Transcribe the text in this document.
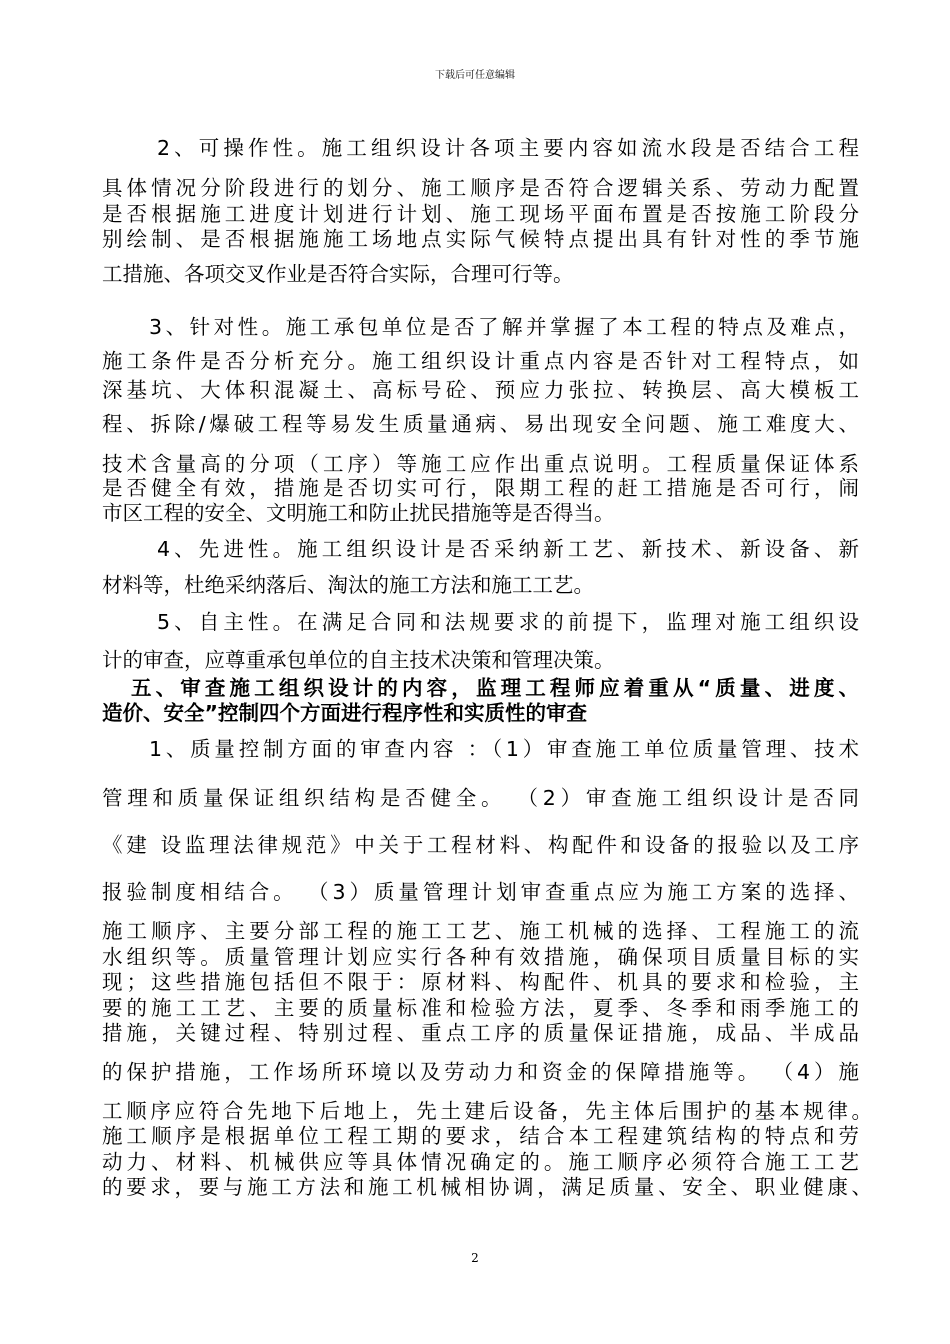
下载后可任意编辑
2、可操作性。施工组织设计各项主要内容如流水段是否结合工程
具体情况分阶段进行的划分、施工顺序是否符合逻辑关系、劳动力配置
是否根据施工进度计划进行计划、施工现场平面布置是否按施工阶段分
别绘制、是否根据施施工场地点实际气候特点提出具有针对性的季节施
工措施、各项交叉作业是否符合实际，合理可行等。
3、针对性。施工承包单位是否了解并掌握了本工程的特点及难点，
施工条件是否分析充分。施工组织设计重点内容是否针对工程特点，如
深基坑、大体积混凝土、高标号砼、预应力张拉、转换层、高大模板工
程、拆除/爆破工程等易发生质量通病、易出现安全问题、施工难度大、
技术含量高的分项（工序）等施工应作出重点说明。工程质量保证体系
是否健全有效，措施是否切实可行，限期工程的赶工措施是否可行，闹
市区工程的安全、文明施工和防止扰民措施等是否得当。
4、先进性。施工组织设计是否采纳新工艺、新技术、新设备、新
材料等，杜绝采纳落后、淘汰的施工方法和施工工艺。
5、自主性。在满足合同和法规要求的前提下，监理对施工组织设
计的审查，应尊重承包单位的自主技术决策和管理决策。
五、审查施工组织设计的内容，监理工程师应着重从“质量、进度、
造价、安全”控制四个方面进行程序性和实质性的审查
1、质量控制方面的审查内容 ：（1）审查施工单位质量管理、技术
管理和质量保证组织结构是否健全。 （2）审查施工组织设计是否同
《建 设监理法律规范》中关于工程材料、构配件和设备的报验以及工序
报验制度相结合。 （3）质量管理计划审查重点应为施工方案的选择、
施工顺序、主要分部工程的施工工艺、施工机械的选择、工程施工的流
水组织等。质量管理计划应实行各种有效措施，确保项目质量目标的实
现；这些措施包括但不限于：原材料、构配件、机具的要求和检验，主
要的施工工艺、主要的质量标准和检验方法，夏季、冬季和雨季施工的
措施，关键过程、特别过程、重点工序的质量保证措施，成品、半成品
的保护措施，工作场所环境以及劳动力和资金的保障措施等。 （4）施
工顺序应符合先地下后地上，先土建后设备，先主体后围护的基本规律。
施工顺序是根据单位工程工期的要求，结合本工程建筑结构的特点和劳
动力、材料、机械供应等具体情况确定的。施工顺序必须符合施工工艺
的要求，要与施工方法和施工机械相协调，满足质量、安全、职业健康、
2
